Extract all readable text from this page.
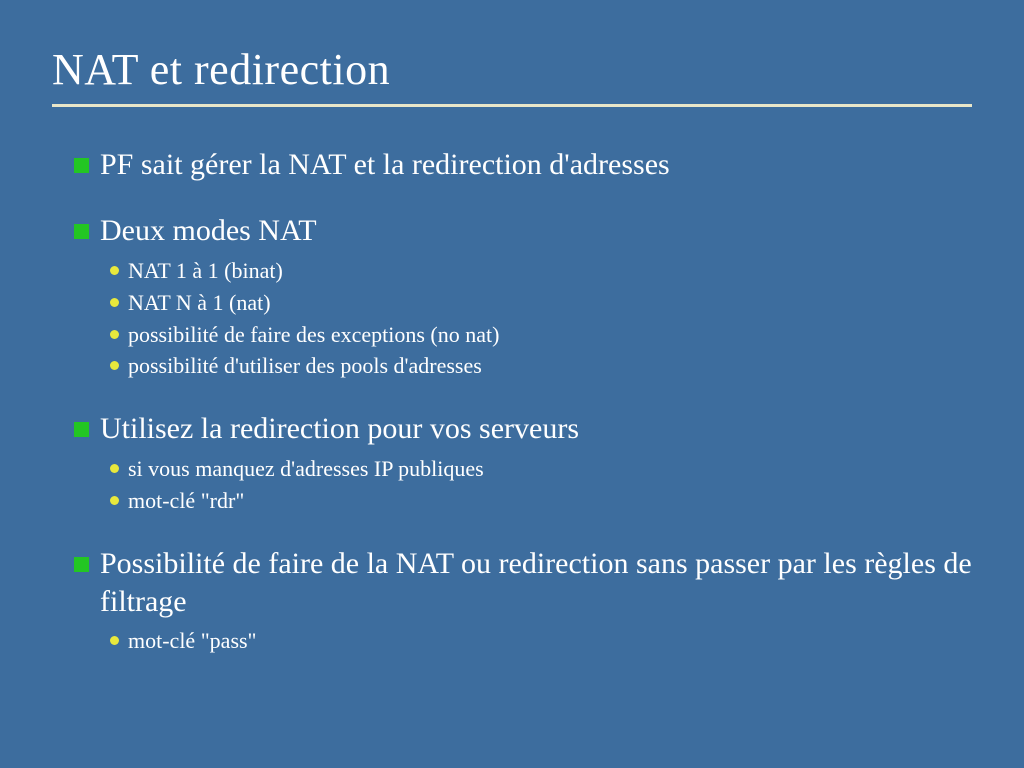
NAT et redirection
PF sait gérer la NAT et la redirection d'adresses
Deux modes NAT
NAT 1 à 1 (binat)
NAT N à 1 (nat)
possibilité de faire des exceptions (no nat)
possibilité d'utiliser des pools d'adresses
Utilisez la redirection pour vos serveurs
si vous manquez d'adresses IP publiques
mot-clé "rdr"
Possibilité de faire de la NAT ou redirection sans passer par les règles de filtrage
mot-clé "pass"
